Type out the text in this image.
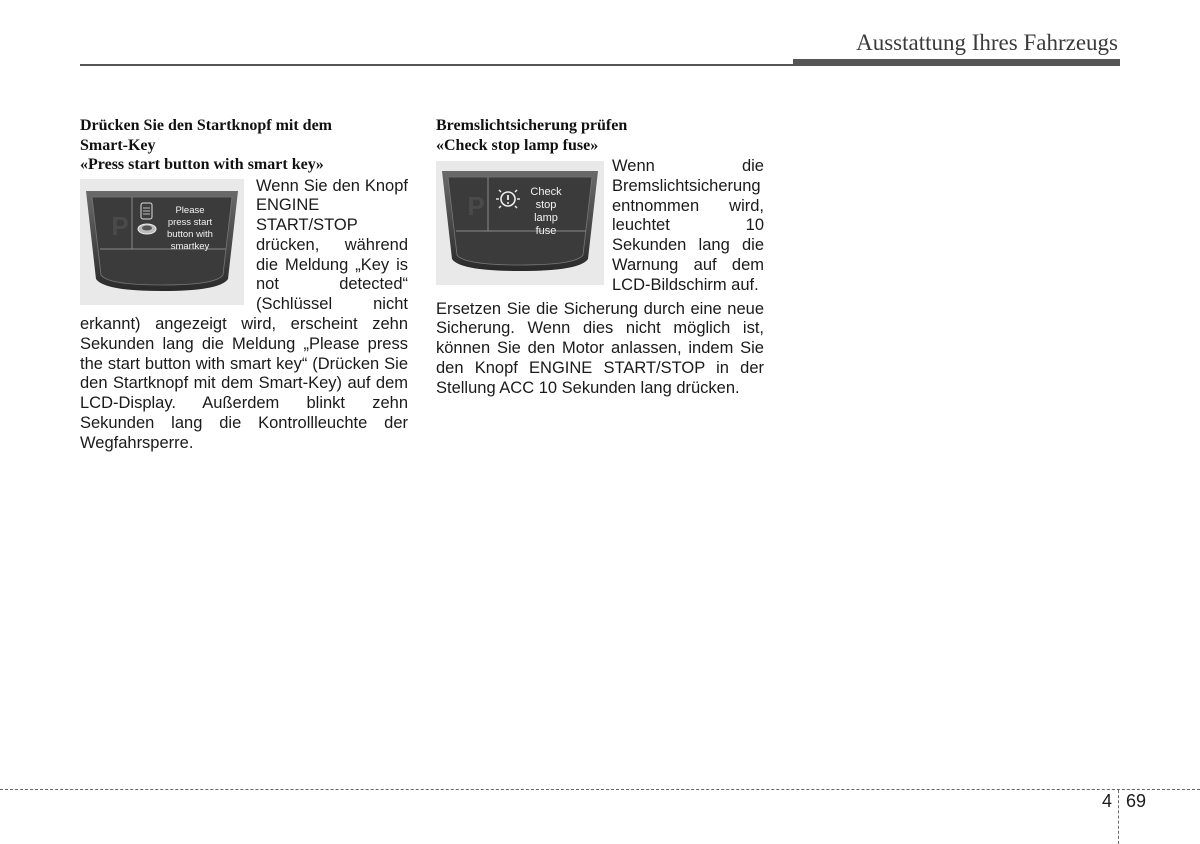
Ausstattung Ihres Fahrzeugs
Drücken Sie den Startknopf mit dem
Smart-Key
«Press start button with smart key»
P
Please
press start
button with
smartkey

Wenn Sie den Knopf ENGINE START/STOP drücken, während die Meldung „Key is not detected“ (Schlüssel nicht erkannt) angezeigt wird, erscheint zehn Sekunden lang die Meldung „Please press the start button with smart key“ (Drücken Sie den Startknopf mit dem Smart-Key) auf dem LCD-Display. Außerdem blinkt zehn Sekunden lang die Kontrollleuchte der Wegfahrsperre.

Bremslichtsicherung prüfen
«Check stop lamp fuse»
P	Check
stop
lamp
fuse

Wenn die Bremslichtsicherung entnommen wird, leuchtet 10 Sekunden lang die Warnung auf dem LCD-Bildschirm auf.

Ersetzen Sie die Sicherung durch eine neue Sicherung. Wenn dies nicht möglich ist, können Sie den Motor anlassen, indem Sie den Knopf ENGINE START/STOP in der Stellung ACC 10 Sekunden lang drücken.

4 69
